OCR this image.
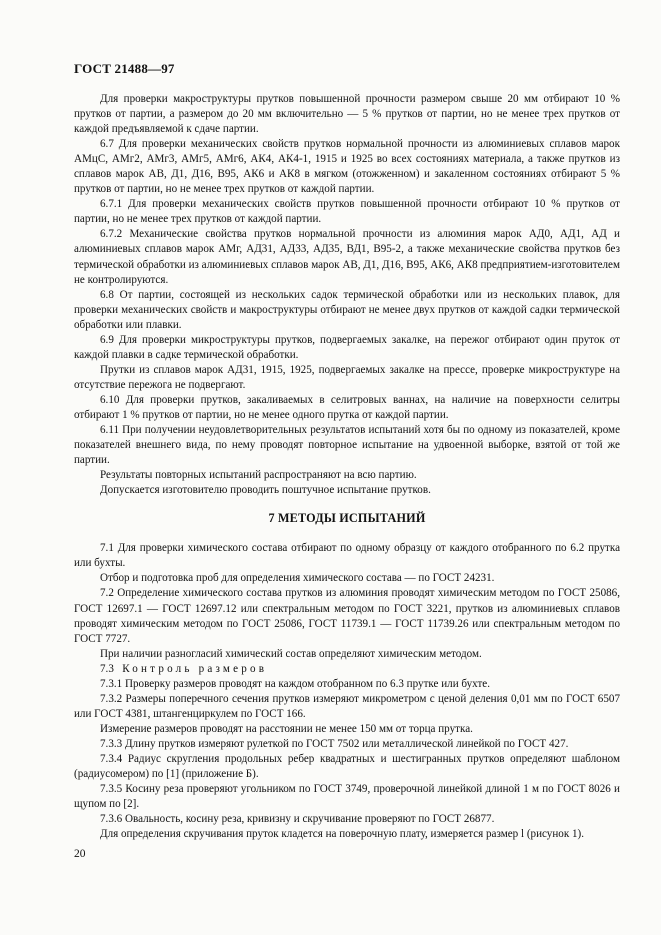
ГОСТ 21488—97

Для проверки макроструктуры прутков повышенной прочности размером свыше 20 мм отбирают 10 % прутков от партии, а размером до 20 мм включительно — 5 % прутков от партии, но не менее трех прутков от каждой предъявляемой к сдаче партии.

6.7 Для проверки механических свойств прутков нормальной прочности из алюминиевых сплавов марок АМцС, АМг2, АМг3, АМг5, АМг6, АК4, АК4-1, 1915 и 1925 во всех состояниях материала, а также прутков из сплавов марок АВ, Д1, Д16, В95, АК6 и АК8 в мягком (отожженном) и закаленном состояниях отбирают 5 % прутков от партии, но не менее трех прутков от каждой партии.

6.7.1 Для проверки механических свойств прутков повышенной прочности отбирают 10 % прутков от партии, но не менее трех прутков от каждой партии.

6.7.2 Механические свойства прутков нормальной прочности из алюминия марок АД0, АД1, АД и алюминиевых сплавов марок АМг, АД31, АД33, АД35, ВД1, В95-2, а также механические свойства прутков без термической обработки из алюминиевых сплавов марок АВ, Д1, Д16, В95, АК6, АК8 предприятием-изготовителем не контролируются.

6.8 От партии, состоящей из нескольких садок термической обработки или из нескольких плавок, для проверки механических свойств и макроструктуры отбирают не менее двух прутков от каждой садки термической обработки или плавки.

6.9 Для проверки микроструктуры прутков, подвергаемых закалке, на пережог отбирают один пруток от каждой плавки в садке термической обработки.

Прутки из сплавов марок АД31, 1915, 1925, подвергаемых закалке на прессе, проверке микроструктуре на отсутствие пережога не подвергают.

6.10 Для проверки прутков, закаливаемых в селитровых ваннах, на наличие на поверхности селитры отбирают 1 % прутков от партии, но не менее одного прутка от каждой партии.

6.11 При получении неудовлетворительных результатов испытаний хотя бы по одному из показателей, кроме показателей внешнего вида, по нему проводят повторное испытание на удвоенной выборке, взятой от той же партии.

Результаты повторных испытаний распространяют на всю партию.

Допускается изготовителю проводить поштучное испытание прутков.

7 МЕТОДЫ ИСПЫТАНИЙ

7.1 Для проверки химического состава отбирают по одному образцу от каждого отобранного по 6.2 прутка или бухты.

Отбор и подготовка проб для определения химического состава — по ГОСТ 24231.

7.2 Определение химического состава прутков из алюминия проводят химическим методом по ГОСТ 25086, ГОСТ 12697.1 — ГОСТ 12697.12 или спектральным методом по ГОСТ 3221, прутков из алюминиевых сплавов проводят химическим методом по ГОСТ 25086, ГОСТ 11739.1 — ГОСТ 11739.26 или спектральным методом по ГОСТ 7727.

При наличии разногласий химический состав определяют химическим методом.

7.3 Контроль размеров

7.3.1 Проверку размеров проводят на каждом отобранном по 6.3 прутке или бухте.

7.3.2 Размеры поперечного сечения прутков измеряют микрометром с ценой деления 0,01 мм по ГОСТ 6507 или ГОСТ 4381, штангенциркулем по ГОСТ 166.

Измерение размеров проводят на расстоянии не менее 150 мм от торца прутка.

7.3.3 Длину прутков измеряют рулеткой по ГОСТ 7502 или металлической линейкой по ГОСТ 427.

7.3.4 Радиус скругления продольных ребер квадратных и шестигранных прутков определяют шаблоном (радиусомером) по [1] (приложение Б).

7.3.5 Косину реза проверяют угольником по ГОСТ 3749, проверочной линейкой длиной 1 м по ГОСТ 8026 и щупом по [2].

7.3.6 Овальность, косину реза, кривизну и скручивание проверяют по ГОСТ 26877.

Для определения скручивания пруток кладется на поверочную плату, измеряется размер l (рисунок 1).

20
